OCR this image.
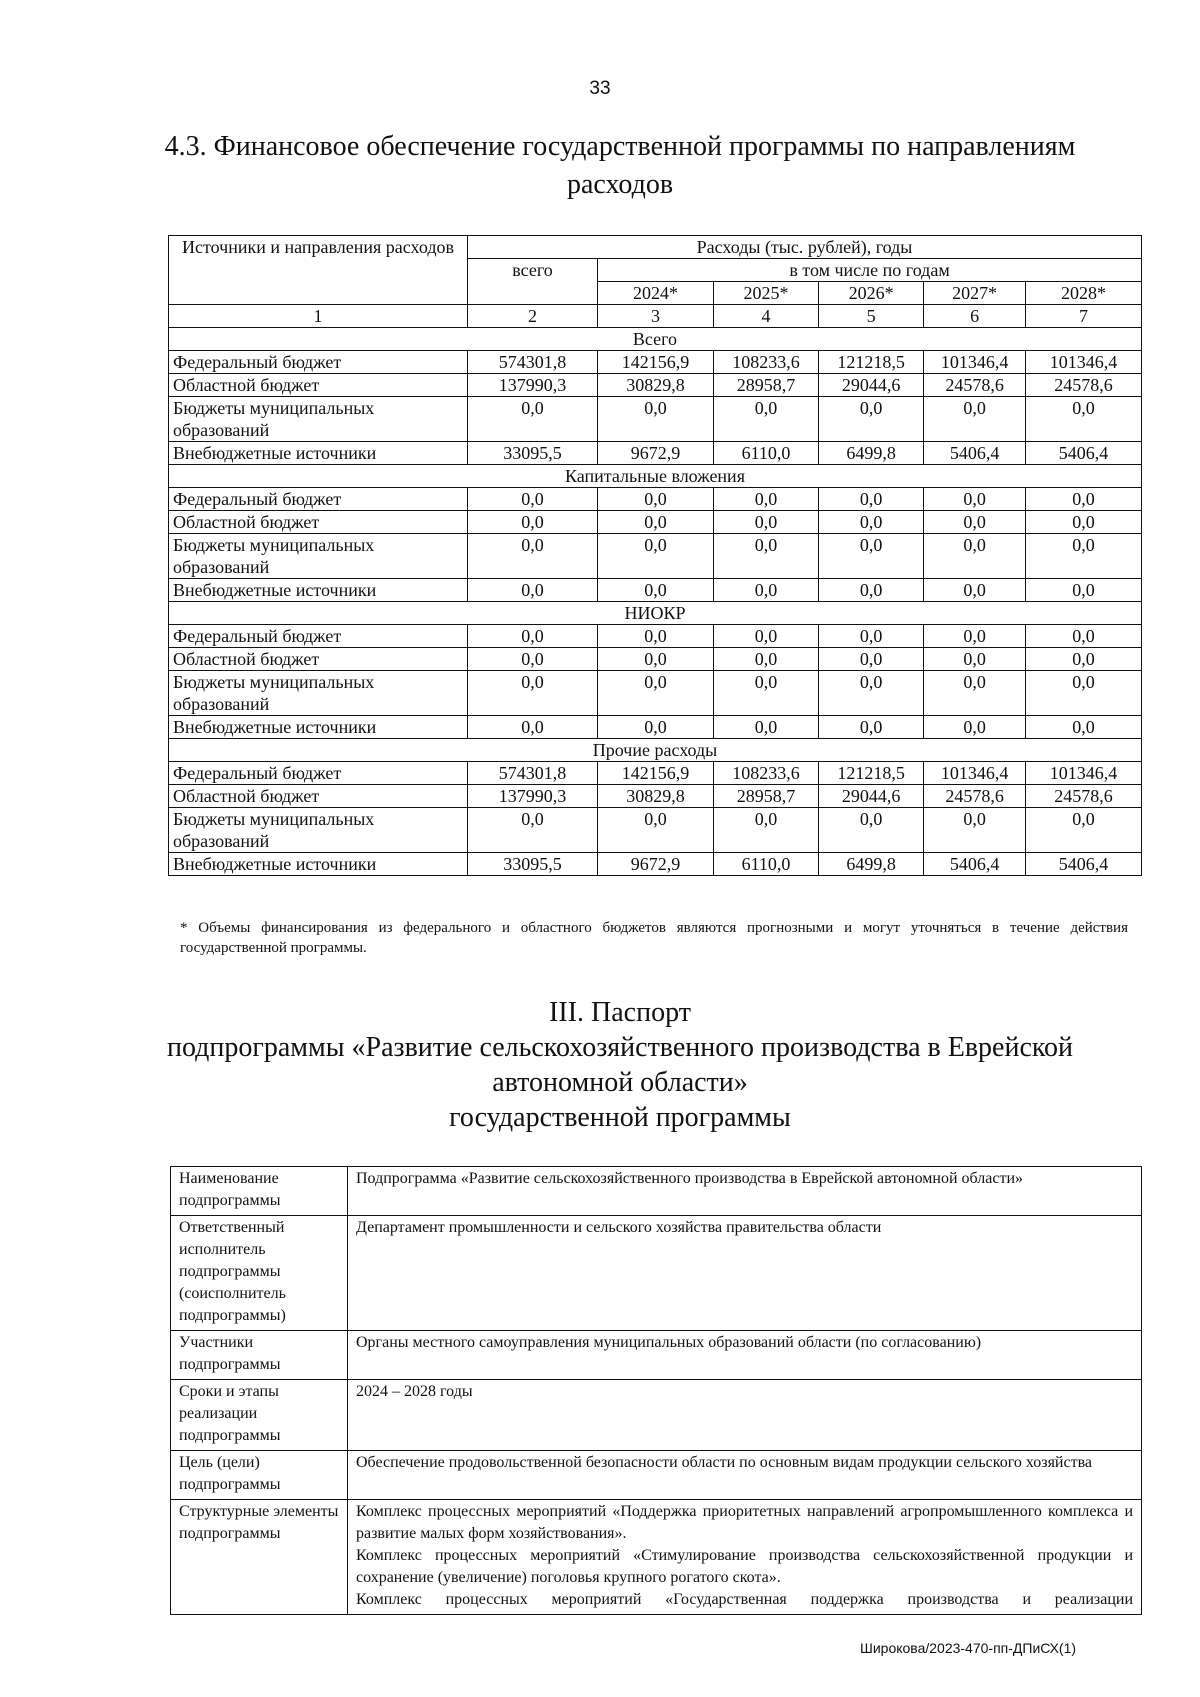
33
4.3. Финансовое обеспечение государственной программы по направлениям
расходов
Источники и направления расходов	Расходы (тыс. рублей), годы					
	всего	в том числе по годам				
		2024*	2025*	2026*	2027*	2028*
1	2	3	4	5	6	7
Всего						
Федеральный бюджет	574301,8	142156,9	108233,6	121218,5	101346,4	101346,4
Областной бюджет	137990,3	30829,8	28958,7	29044,6	24578,6	24578,6
Бюджеты муниципальных образований	0,0	0,0	0,0	0,0	0,0	0,0
Внебюджетные источники	33095,5	9672,9	6110,0	6499,8	5406,4	5406,4
Капитальные вложения						
Федеральный бюджет	0,0	0,0	0,0	0,0	0,0	0,0
Областной бюджет	0,0	0,0	0,0	0,0	0,0	0,0
Бюджеты муниципальных образований	0,0	0,0	0,0	0,0	0,0	0,0
Внебюджетные источники	0,0	0,0	0,0	0,0	0,0	0,0
НИОКР						
Федеральный бюджет	0,0	0,0	0,0	0,0	0,0	0,0
Областной бюджет	0,0	0,0	0,0	0,0	0,0	0,0
Бюджеты муниципальных образований	0,0	0,0	0,0	0,0	0,0	0,0
Внебюджетные источники	0,0	0,0	0,0	0,0	0,0	0,0
Прочие расходы						
Федеральный бюджет	574301,8	142156,9	108233,6	121218,5	101346,4	101346,4
Областной бюджет	137990,3	30829,8	28958,7	29044,6	24578,6	24578,6
Бюджеты муниципальных образований	0,0	0,0	0,0	0,0	0,0	0,0
Внебюджетные источники	33095,5	9672,9	6110,0	6499,8	5406,4	5406,4
* Объемы финансирования из федерального и областного бюджетов являются прогнозными и могут уточняться в течение действия государственной программы.
III. Паспорт
подпрограммы «Развитие сельскохозяйственного производства в Еврейской
автономной области»
государственной программы
Наименование подпрограммы	Подпрограмма «Развитие сельскохозяйственного производства в Еврейской автономной области»

Ответственный исполнитель подпрограммы (соисполнитель подпрограммы)	Департамент промышленности и сельского хозяйства правительства области

Участники подпрограммы	Органы местного самоуправления муниципальных образований области (по согласованию)

Сроки и этапы реализации подпрограммы	2024 – 2028 годы

Цель (цели) подпрограммы	Обеспечение продовольственной безопасности области по основным видам продукции сельского хозяйства

Структурные элементы подпрограммы	Комплекс процессных мероприятий «Поддержка приоритетных направлений агропромышленного комплекса и развитие малых форм хозяйствования».

Комплекс процессных мероприятий «Стимулирование производства сельскохозяйственной продукции и сохранение (увеличение) поголовья крупного рогатого скота».

Комплекс процессных мероприятий «Государственная поддержка производства и реализации

Широкова/2023-470-пп-ДПиСХ(1)
